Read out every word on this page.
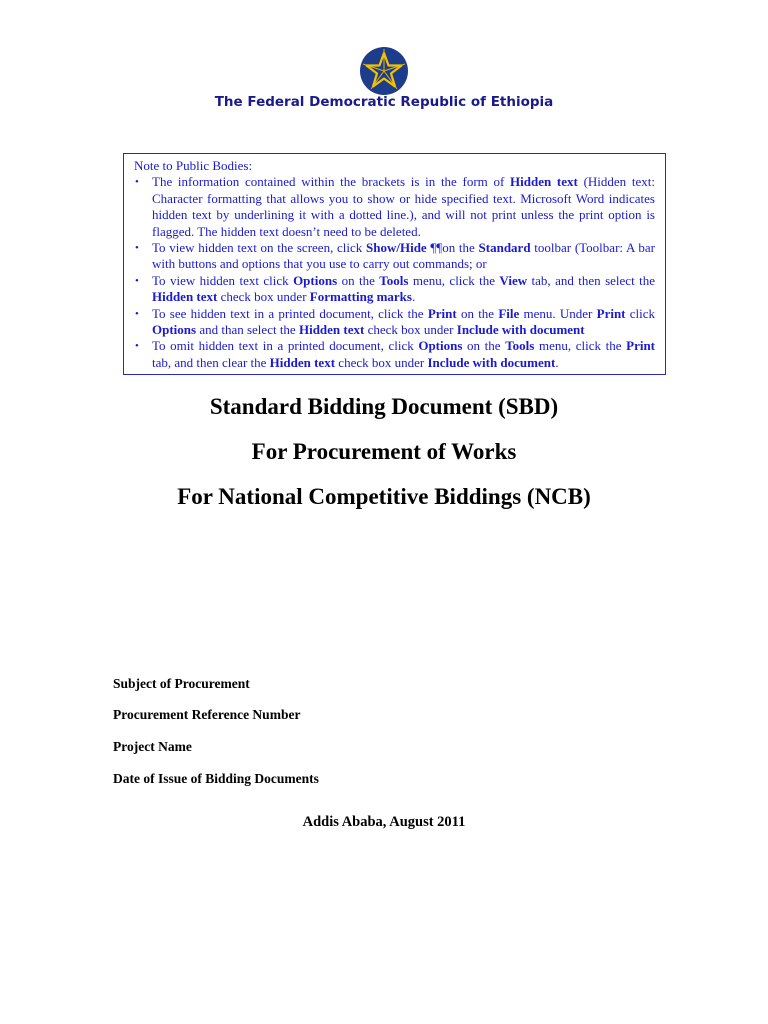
The Federal Democratic Republic of Ethiopia

Note to Public Bodies:

• The information contained within the brackets is in the form of Hidden text (Hidden text: Character formatting that allows you to show or hide specified text. Microsoft Word indicates hidden text by underlining it with a dotted line.), and will not print unless the print option is flagged. The hidden text doesn’t need to be deleted.
• To view hidden text on the screen, click Show/Hide ¶¶on the Standard toolbar (Toolbar: A bar with buttons and options that you use to carry out commands; or
• To view hidden text click Options on the Tools menu, click the View tab, and then select the Hidden text check box under Formatting marks.
• To see hidden text in a printed document, click the Print on the File menu. Under Print click Options and than select the Hidden text check box under Include with document
• To omit hidden text in a printed document, click Options on the Tools menu, click the Print tab, and then clear the Hidden text check box under Include with document.
Standard Bidding Document (SBD)
For Procurement of Works
For National Competitive Biddings (NCB)
Subject of Procurement
Procurement Reference Number
Project Name
Date of Issue of Bidding Documents
Addis Ababa, August 2011
